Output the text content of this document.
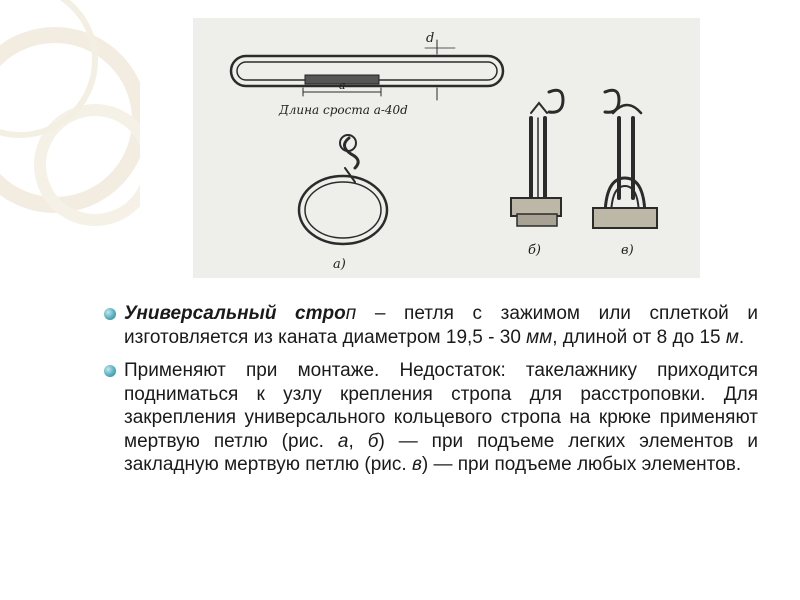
d
a
Длина сроста а-40d
а)
б)	в)
Универсальный строп – петля с зажимом или сплеткой и изготовляется из каната диаметром 19,5 - 30 мм, длиной от 8 до 15 м.
Применяют при монтаже. Недостаток: такелажнику приходится подниматься к узлу крепления стропа для расстроповки. Для закрепления универсального кольцевого стропа на крюке применяют мертвую петлю (рис. а, б) — при подъеме легких элементов и закладную мертвую петлю (рис. в) — при подъеме любых элементов.
